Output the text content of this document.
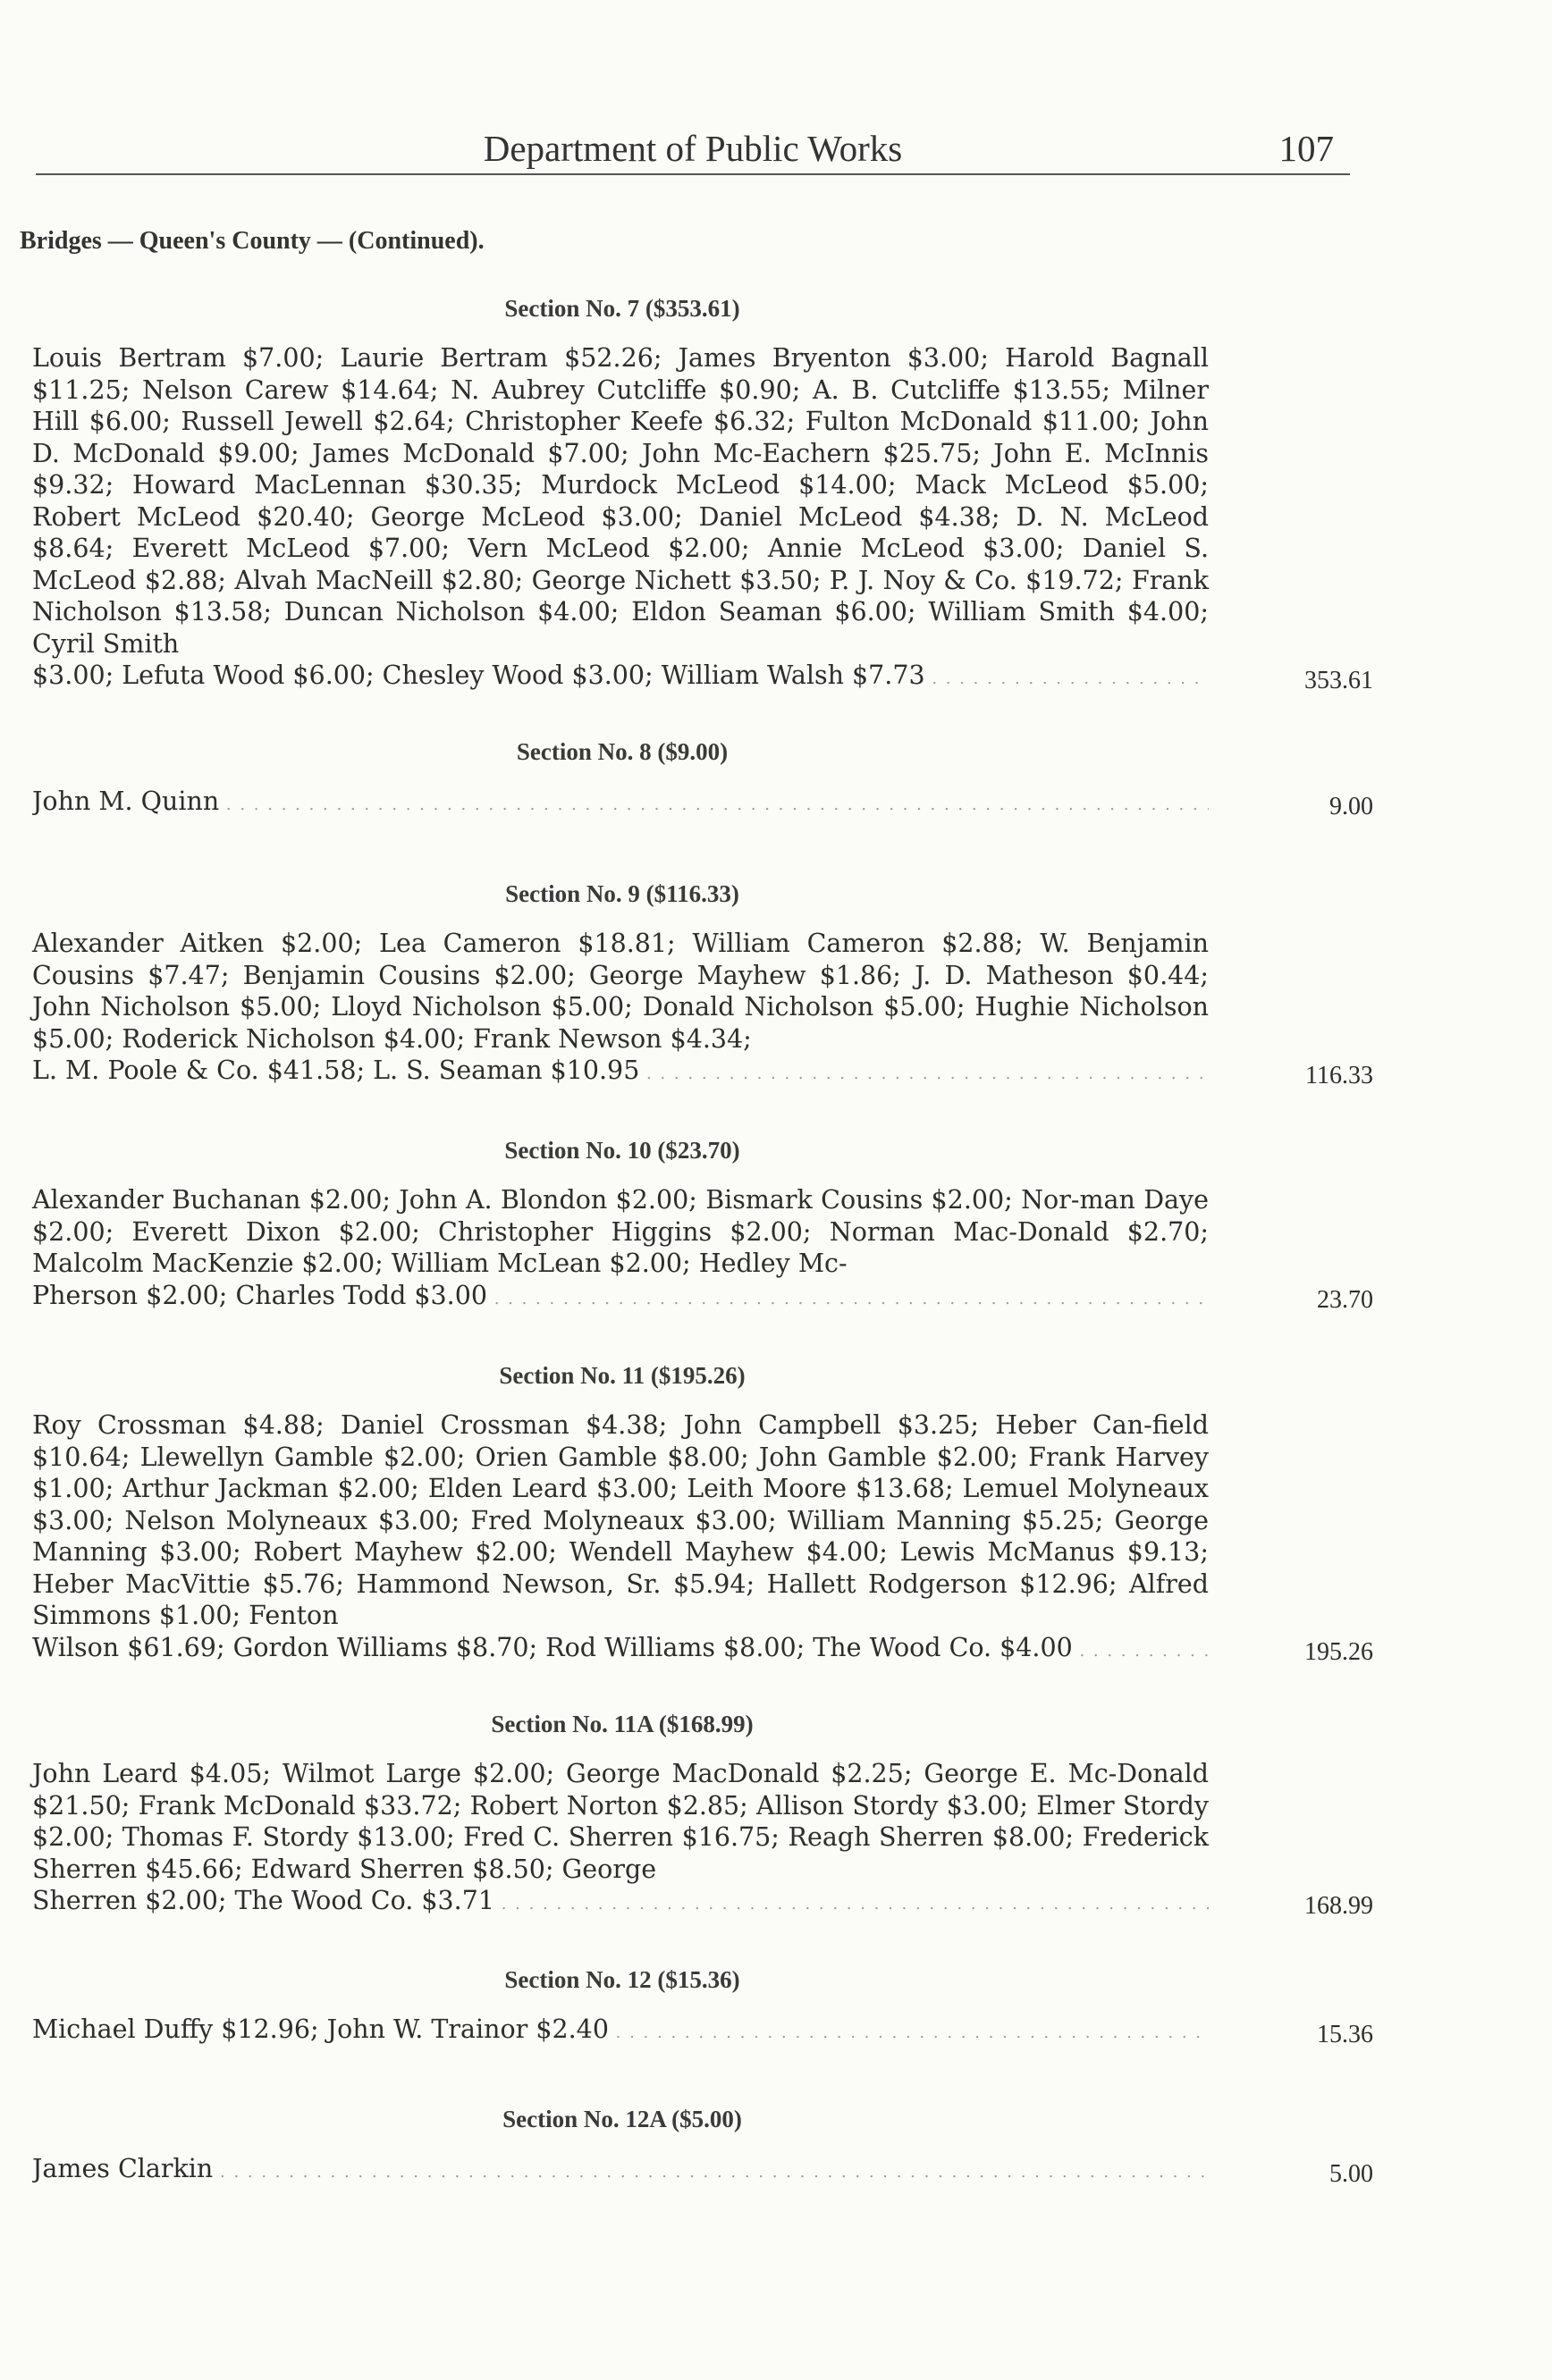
Department of Public Works	107
Bridges — Queen's County — (Continued).
Section No. 7 ($353.61)
Louis Bertram $7.00; Laurie Bertram $52.26; James Bryenton $3.00; Harold Bagnall $11.25; Nelson Carew $14.64; N. Aubrey Cutcliffe $0.90; A. B. Cutcliffe $13.55; Milner Hill $6.00; Russell Jewell $2.64; Christopher Keefe $6.32; Fulton McDonald $11.00; John D. McDonald $9.00; James McDonald $7.00; John Mc-Eachern $25.75; John E. McInnis $9.32; Howard MacLennan $30.35; Murdock McLeod $14.00; Mack McLeod $5.00; Robert McLeod $20.40; George McLeod $3.00; Daniel McLeod $4.38; D. N. McLeod $8.64; Everett McLeod $7.00; Vern McLeod $2.00; Annie McLeod $3.00; Daniel S. McLeod $2.88; Alvah MacNeill $2.80; George Nichett $3.50; P. J. Noy & Co. $19.72; Frank Nicholson $13.58; Duncan Nicholson $4.00; Eldon Seaman $6.00; William Smith $4.00; Cyril Smith
$3.00; Lefuta Wood $6.00; Chesley Wood $3.00; William Walsh $7.73 . . .	353.61
Section No. 8 ($9.00)
John M. Quinn . . .	9.00
Section No. 9 ($116.33)
Alexander Aitken $2.00; Lea Cameron $18.81; William Cameron $2.88; W. Benjamin Cousins $7.47; Benjamin Cousins $2.00; George Mayhew $1.86; J. D. Matheson $0.44; John Nicholson $5.00; Lloyd Nicholson $5.00; Donald Nicholson $5.00; Hughie Nicholson $5.00; Roderick Nicholson $4.00; Frank Newson $4.34;
L. M. Poole & Co. $41.58; L. S. Seaman $10.95 . . .	116.33
Section No. 10 ($23.70)
Alexander Buchanan $2.00; John A. Blondon $2.00; Bismark Cousins $2.00; Nor-man Daye $2.00; Everett Dixon $2.00; Christopher Higgins $2.00; Norman Mac-Donald $2.70; Malcolm MacKenzie $2.00; William McLean $2.00; Hedley Mc-
Pherson $2.00; Charles Todd $3.00 . . .	23.70
Section No. 11 ($195.26)
Roy Crossman $4.88; Daniel Crossman $4.38; John Campbell $3.25; Heber Can-field $10.64; Llewellyn Gamble $2.00; Orien Gamble $8.00; John Gamble $2.00; Frank Harvey $1.00; Arthur Jackman $2.00; Elden Leard $3.00; Leith Moore $13.68; Lemuel Molyneaux $3.00; Nelson Molyneaux $3.00; Fred Molyneaux $3.00; William Manning $5.25; George Manning $3.00; Robert Mayhew $2.00; Wendell Mayhew $4.00; Lewis McManus $9.13; Heber MacVittie $5.76; Hammond Newson, Sr. $5.94; Hallett Rodgerson $12.96; Alfred Simmons $1.00; Fenton
Wilson $61.69; Gordon Williams $8.70; Rod Williams $8.00; The Wood Co. $4.00 . . .	195.26
Section No. 11A ($168.99)
John Leard $4.05; Wilmot Large $2.00; George MacDonald $2.25; George E. Mc-Donald $21.50; Frank McDonald $33.72; Robert Norton $2.85; Allison Stordy $3.00; Elmer Stordy $2.00; Thomas F. Stordy $13.00; Fred C. Sherren $16.75; Reagh Sherren $8.00; Frederick Sherren $45.66; Edward Sherren $8.50; George
Sherren $2.00; The Wood Co. $3.71 . . .	168.99
Section No. 12 ($15.36)
Michael Duffy $12.96; John W. Trainor $2.40 . . .	15.36
Section No. 12A ($5.00)
James Clarkin . . .	5.00
